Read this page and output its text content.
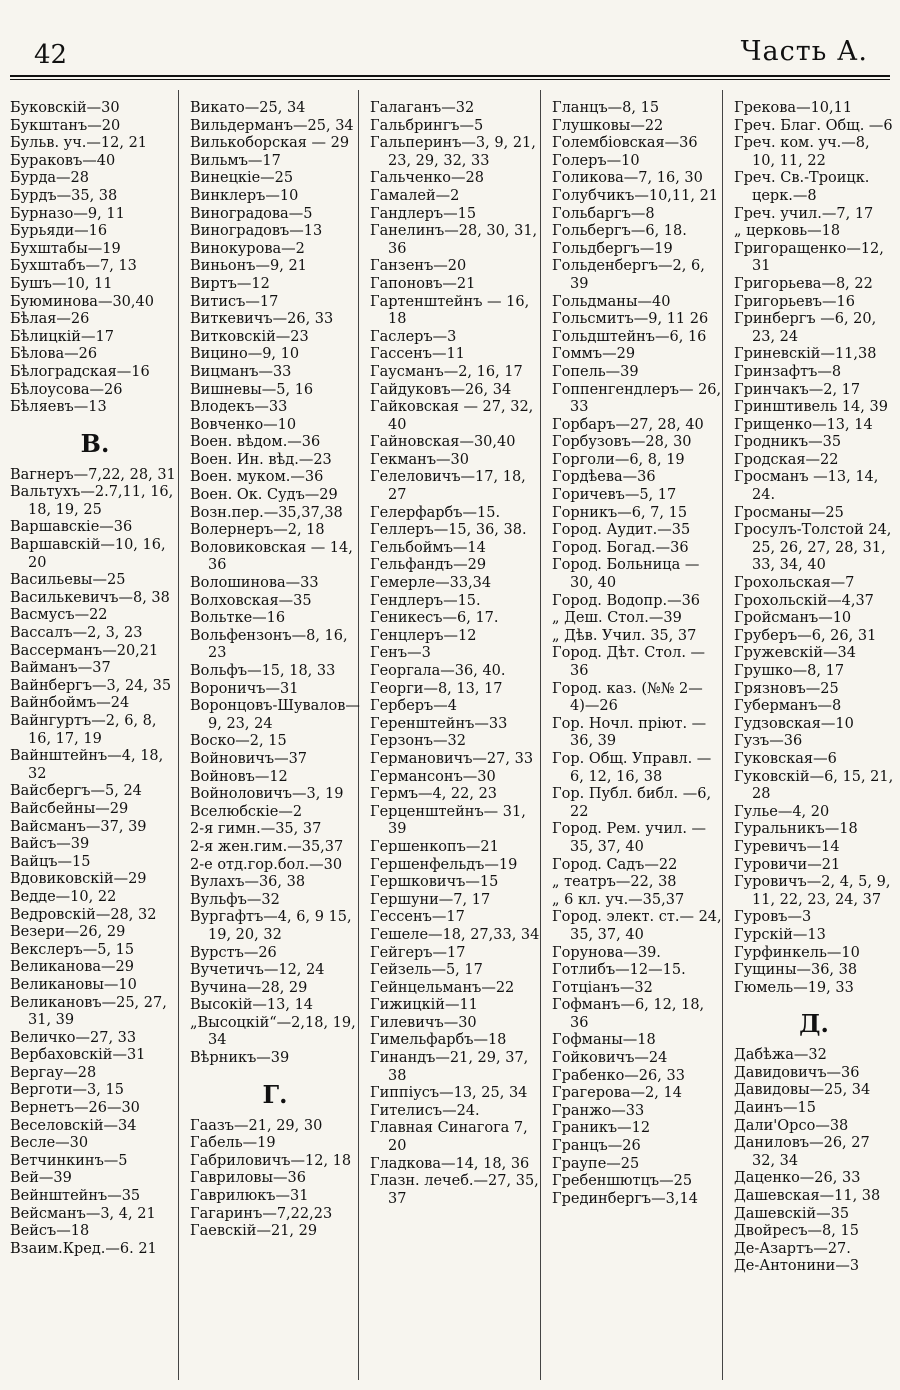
42	Часть А.
Буковскій—30
Букштанъ—20
Бульв. уч.—12, 21
Бураковъ—40
Бурда—28
Бурдъ—35, 38
Бурназо—9, 11
Бурьяди—16
Бухштабы—19
Бухштабъ—7, 13
Бушъ—10, 11
Буюминова—30,40
Бѣлая—26
Бѣлицкій—17
Бѣлова—26
Бѣлоградская—16
Бѣлоусова—26
Бѣляевъ—13
В.
Вагнеръ—7,22, 28, 31
Вальтухъ—2.7,11, 16, 18, 19, 25
Варшавскіе—36
Варшавскій—10, 16, 20
Васильевы—25
Василькевичъ—8, 38
Васмусъ—22
Вассалъ—2, 3, 23
Вассерманъ—20,21
Вайманъ—37
Вайнбергъ—3, 24, 35
Вайнбоймъ—24
Вайнгуртъ—2, 6, 8, 16, 17, 19
Вайнштейнъ—4, 18, 32
Вайсбергъ—5, 24
Вайсбейны—29
Вайсманъ—37, 39
Вайсъ—39
Вайцъ—15
Вдовиковскій—29
Ведде—10, 22
Ведровскій—28, 32
Везери—26, 29
Векслеръ—5, 15
Великанова—29
Великановы—10
Великановъ—25, 27, 31, 39
Величко—27, 33
Вербаховскій—31
Вергау—28
Верготи—3, 15
Вернетъ—26—30
Веселовскій—34
Весле—30
Ветчинкинъ—5
Вей—39
Вейнштейнъ—35
Вейсманъ—3, 4, 21
Вейсъ—18
Взаим.Кред.—6. 21
Викато—25, 34
Вильдерманъ—25, 34
Вилькоборская — 29
Вильмъ—17
Винецкіе—25
Винклеръ—10
Виноградова—5
Виноградовъ—13
Винокурова—2
Виньонъ—9, 21
Виртъ—12
Витисъ—17
Виткевичъ—26, 33
Витковскій—23
Вицино—9, 10
Вицманъ—33
Вишневы—5, 16
Влодекъ—33
Вовченко—10
Воен. вѣдом.—36
Воен. Ин. вѣд.—23
Воен. муком.—36
Воен. Ок. Судъ—29
Возн.пер.—35,37,38
Волернеръ—2, 18
Воловиковская — 14, 36
Волошинова—33
Волховская—35
Вольтке—16
Вольфензонъ—8, 16, 23
Вольфъ—15, 18, 33
Вороничъ—31
Воронцовъ-Шувалов—9, 23, 24
Воско—2, 15
Войновичъ—37
Войновъ—12
Войноловичъ—3, 19
Вселюбскіе—2
2-я гимн.—35, 37
2-я жен.гим.—35,37
2-е отд.гор.бол.—30
Вулахъ—36, 38
Вульфъ—32
Вургафтъ—4, 6, 9 15, 19, 20, 32
Вурстъ—26
Вучетичъ—12, 24
Вучина—28, 29
Высокій—13, 14
„Высоцкій“—2,18, 19, 34
Вѣрникъ—39
Г.
Гаазъ—21, 29, 30
Габель—19
Габриловичъ—12, 18
Гавриловы—36
Гаврилюкъ—31
Гагаринъ—7,22,23
Гаевскій—21, 29
Галаганъ—32
Гальбрингъ—5
Гальперинъ—3, 9, 21, 23, 29, 32, 33
Гальченко—28
Гамалей—2
Гандлеръ—15
Ганелинъ—28, 30, 31, 36
Ганзенъ—20
Гапоновъ—21
Гартенштейнъ — 16, 18
Гаслеръ—3
Гассенъ—11
Гаусманъ—2, 16, 17
Гайдуковъ—26, 34
Гайковская — 27, 32, 40
Гайновская—30,40
Гекманъ—30
Гелеловичъ—17, 18, 27
Гелерфарбъ—15.
Геллеръ—15, 36, 38.
Гельбоймъ—14
Гельфандъ—29
Гемерле—33,34
Гендлеръ—15.
Геникесъ—6, 17.
Генцлеръ—12
Генъ—3
Георгала—36, 40.
Георги—8, 13, 17
Герберъ—4
Геренштейнъ—33
Герзонъ—32
Германовичъ—27, 33
Германсонъ—30
Гермъ—4, 22, 23
Герценштейнъ— 31, 39
Гершенкопъ—21
Гершенфельдъ—19
Гершковичъ—15
Гершуни—7, 17
Гессенъ—17
Гешеле—18, 27,33, 34
Гейгеръ—17
Гейзель—5, 17
Гейнцельманъ—22
Гижицкій—11
Гилевичъ—30
Гимельфарбъ—18
Гинандъ—21, 29, 37, 38
Гиппіусъ—13, 25, 34
Гителисъ—24.
Главная Синагога 7, 20
Гладкова—14, 18, 36
Глазн. лечеб.—27, 35, 37
Гланцъ—8, 15
Глушковы—22
Голембіовская—36
Голеръ—10
Голикова—7, 16, 30
Голубчикъ—10,11, 21
Гольбаргъ—8
Гольбергъ—6, 18.
Гольдбергъ—19
Гольденбергъ—2, 6, 39
Гольдманы—40
Гольсмитъ—9, 11 26
Гольдштейнъ—6, 16
Гоммъ—29
Гопель—39
Гоппенгендлеръ— 26, 33
Горбаръ—27, 28, 40
Горбузовъ—28, 30
Горголи—6, 8, 19
Гордѣева—36
Горичевъ—5, 17
Горникъ—6, 7, 15
Город. Аудит.—35
Город. Богад.—36
Город. Больница —30, 40
Город. Водопр.—36
„ Деш. Стол.—39
„ Дѣв. Учил. 35, 37
Город. Дѣт. Стол. —36
Город. каз. (№№ 2— 4)—26
Гор. Ночл. пріют. —36, 39
Гор. Общ. Управл. —6, 12, 16, 38
Гор. Публ. библ. —6, 22
Город. Рем. учил. —35, 37, 40
Город. Садъ—22
„ театръ—22, 38
„ 6 кл. уч.—35,37
Город. элект. ст.— 24, 35, 37, 40
Горунова—39.
Готлибъ—12—15.
Готціанъ—32
Гофманъ—6, 12, 18, 36
Гофманы—18
Гойковичъ—24
Грабенко—26, 33
Грагерова—2, 14
Гранжо—33
Граникъ—12
Гранцъ—26
Граупе—25
Гребеншютцъ—25
Грединбергъ—3,14
Грекова—10,11
Греч. Благ. Общ. —6
Греч. ком. уч.—8, 10, 11, 22
Греч. Св.-Троицк. церк.—8
Греч. учил.—7, 17
„ церковь—18
Григоращенко—12, 31
Григорьева—8, 22
Григорьевъ—16
Гринбергъ —6, 20, 23, 24
Гриневскій—11,38
Гринзафтъ—8
Гринчакъ—2, 17
Гринштивель 14, 39
Грищенко—13, 14
Гродникъ—35
Гродская—22
Гросманъ —13, 14, 24.
Гросманы—25
Гросулъ-Толстой 24, 25, 26, 27, 28, 31, 33, 34, 40
Грохольская—7
Грохольскій—4,37
Гройсманъ—10
Груберъ—6, 26, 31
Гружевскій—34
Грушко—8, 17
Грязновъ—25
Губерманъ—8
Гудзовская—10
Гузъ—36
Гуковская—6
Гуковскій—6, 15, 21, 28
Гулье—4, 20
Гуральникъ—18
Гуревичъ—14
Гуровичи—21
Гуровичъ—2, 4, 5, 9, 11, 22, 23, 24, 37
Гуровъ—3
Гурскій—13
Гурфинкель—10
Гущины—36, 38
Гюмель—19, 33
Д.
Дабѣжа—32
Давидовичъ—36
Давидовы—25, 34
Даинъ—15
Дали'Орсо—38
Даниловъ—26, 27 32, 34
Даценко—26, 33
Дашевская—11, 38
Дашевскій—35
Двойресъ—8, 15
Де-Азартъ—27.
Де-Антонини—3
